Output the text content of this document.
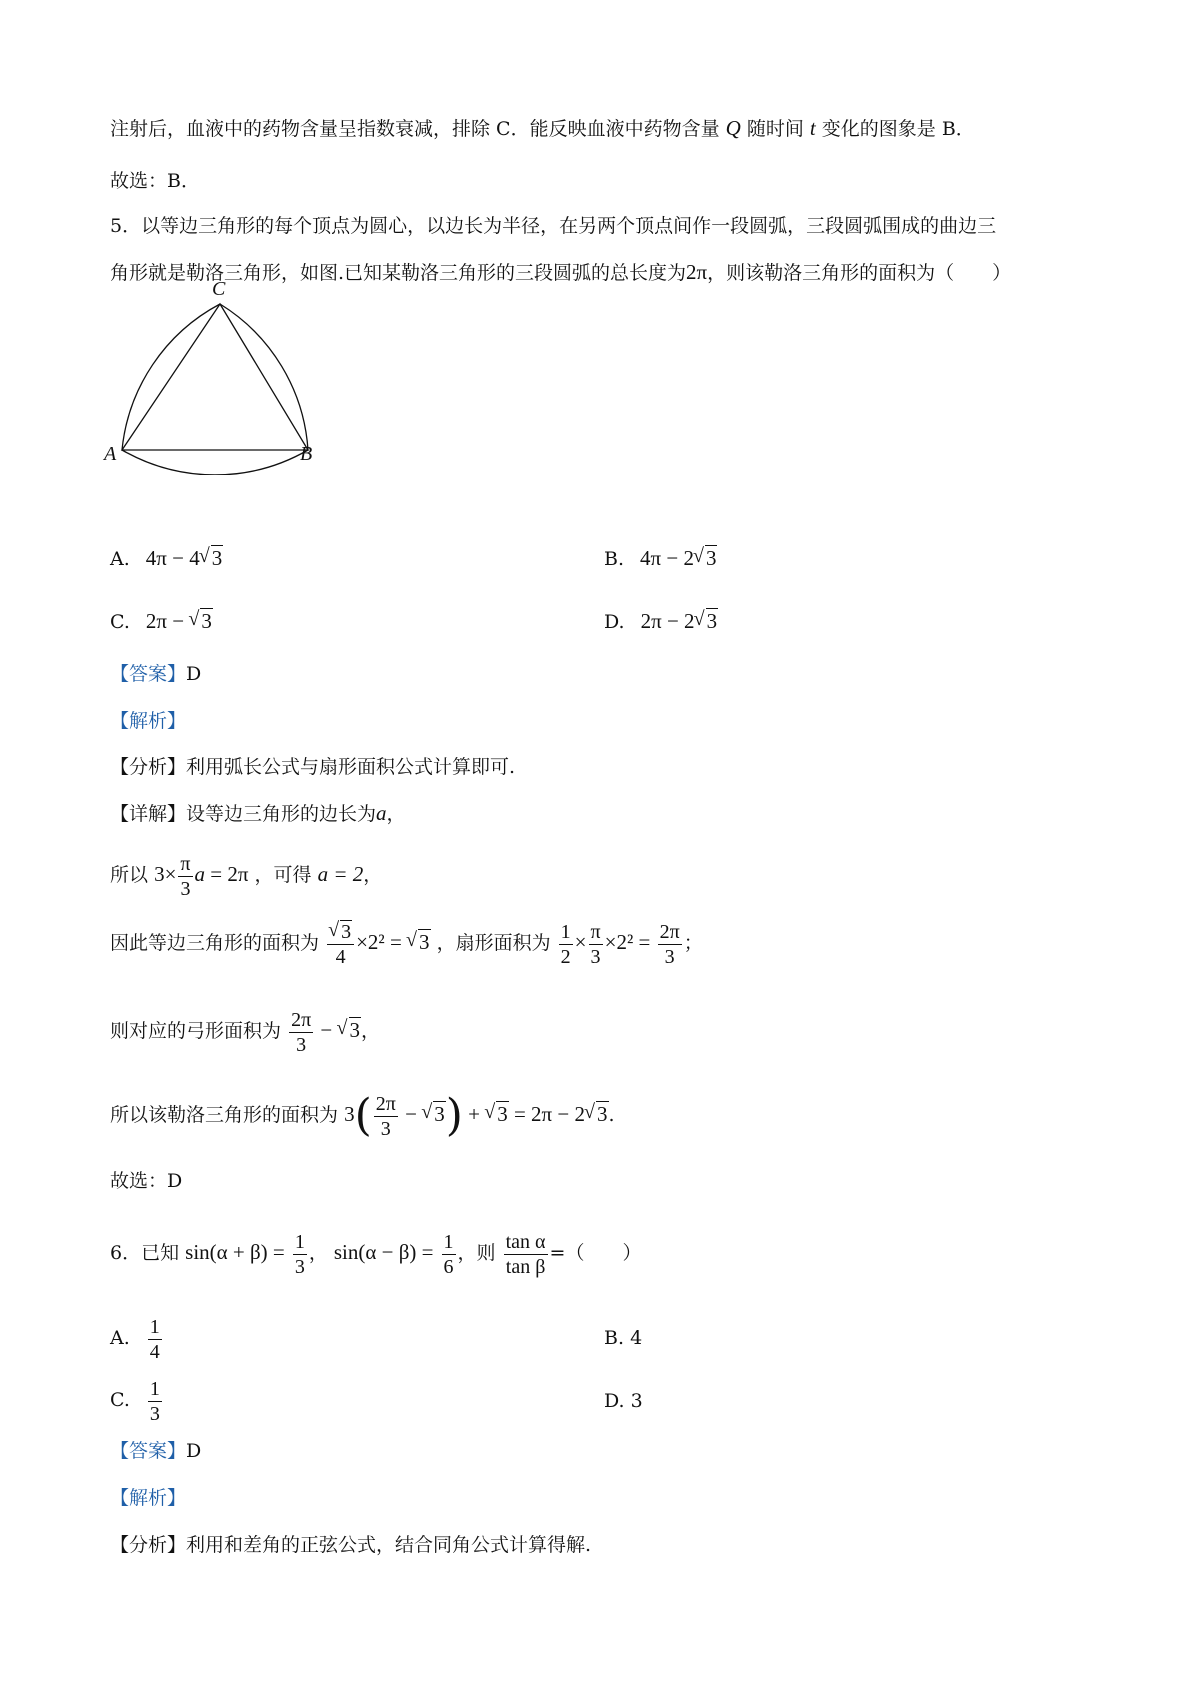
注射后，血液中的药物含量呈指数衰减，排除 C．能反映血液中药物含量 Q 随时间 t 变化的图象是 B．
故选：B．
5．以等边三角形的每个顶点为圆心，以边长为半径，在另两个顶点间作一段圆弧，三段圆弧围成的曲边三
角形就是勒洛三角形，如图.已知某勒洛三角形的三段圆弧的总长度为2π，则该勒洛三角形的面积为（　　）
C
A	B
A. 4π − 4 √ 3	B. 4π − 2 √ 3
C. 2π − √ 3	D. 2π − 2 √ 3
【答案】D
【解析】
【分析】利用弧长公式与扇形面积公式计算即可.
【详解】设等边三角形的边长为a，
所以 $3\times \frac{\pi}{3}$ a = 2π ，可得 a = 2，
因此等边三角形的面积为 √ $\frac{3}{4} \times 2^2$ = √ 3 ，扇形面积为 $\frac{1}{2} \times \frac{\pi}{3} \times 2^2 = \frac{2\pi}{3}$ ；
则对应的弓形面积为 $\frac{2\pi}{3}$ − √ 3，
所以该勒洛三角形的面积为 $3( \frac{2\pi}{3}$ − √ 3) + √ 3 = 2π − 2 √ 3.
故选：D
6．已知 $\sin(\alpha + \beta) = \frac{1}{3}$ ， $\sin(\alpha - \beta) = \frac{1}{6}$ ，则 $\frac{\text{tan α}}{\text{tan β}}$ =（　　）
A. $\frac{1}{4}$	B. 4
C. $\frac{1}{3}$	D. 3
【答案】D
【解析】
【分析】利用和差角的正弦公式，结合同角公式计算得解.
